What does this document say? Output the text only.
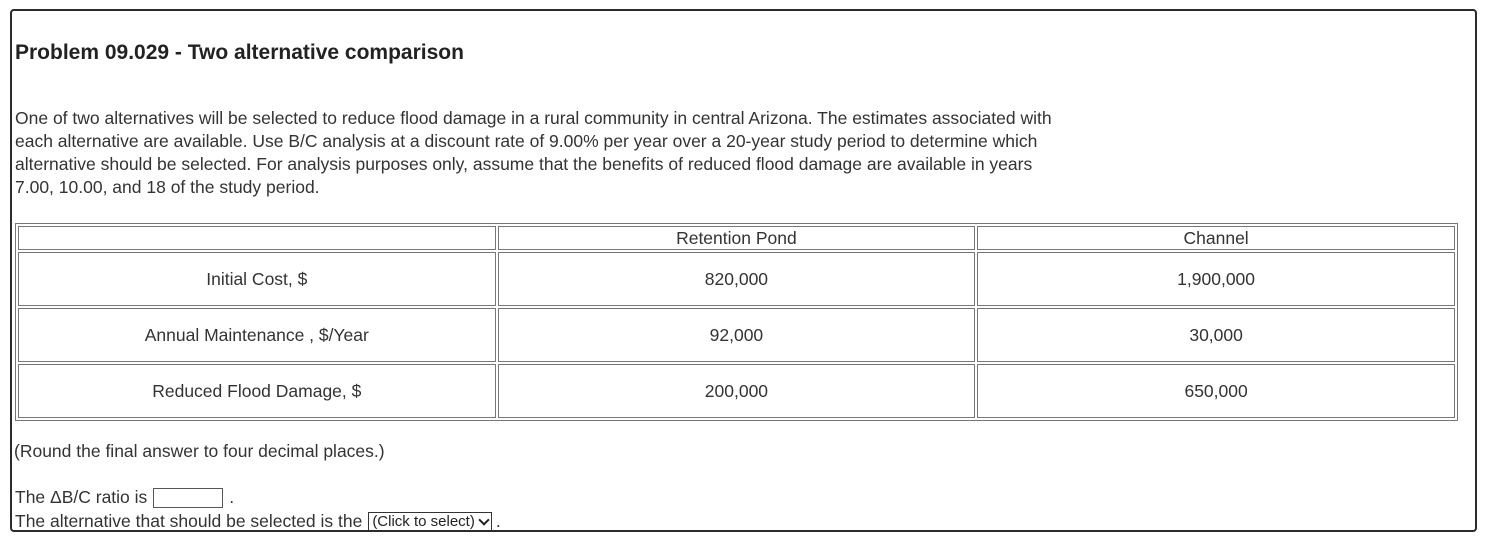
Problem 09.029 - Two alternative comparison
One of two alternatives will be selected to reduce flood damage in a rural community in central Arizona. The estimates associated with
each alternative are available. Use B/C analysis at a discount rate of 9.00% per year over a 20-year study period to determine which
alternative should be selected. For analysis purposes only, assume that the benefits of reduced flood damage are available in years
7.00, 10.00, and 18 of the study period.
	Retention Pond	Channel
Initial Cost, $	820,000	1,900,000
Annual Maintenance , $/Year	92,000	30,000
Reduced Flood Damage, $	200,000	650,000
(Round the final answer to four decimal places.)
The ΔB/C ratio is	.
The alternative that should be selected is the (Click to select) .
